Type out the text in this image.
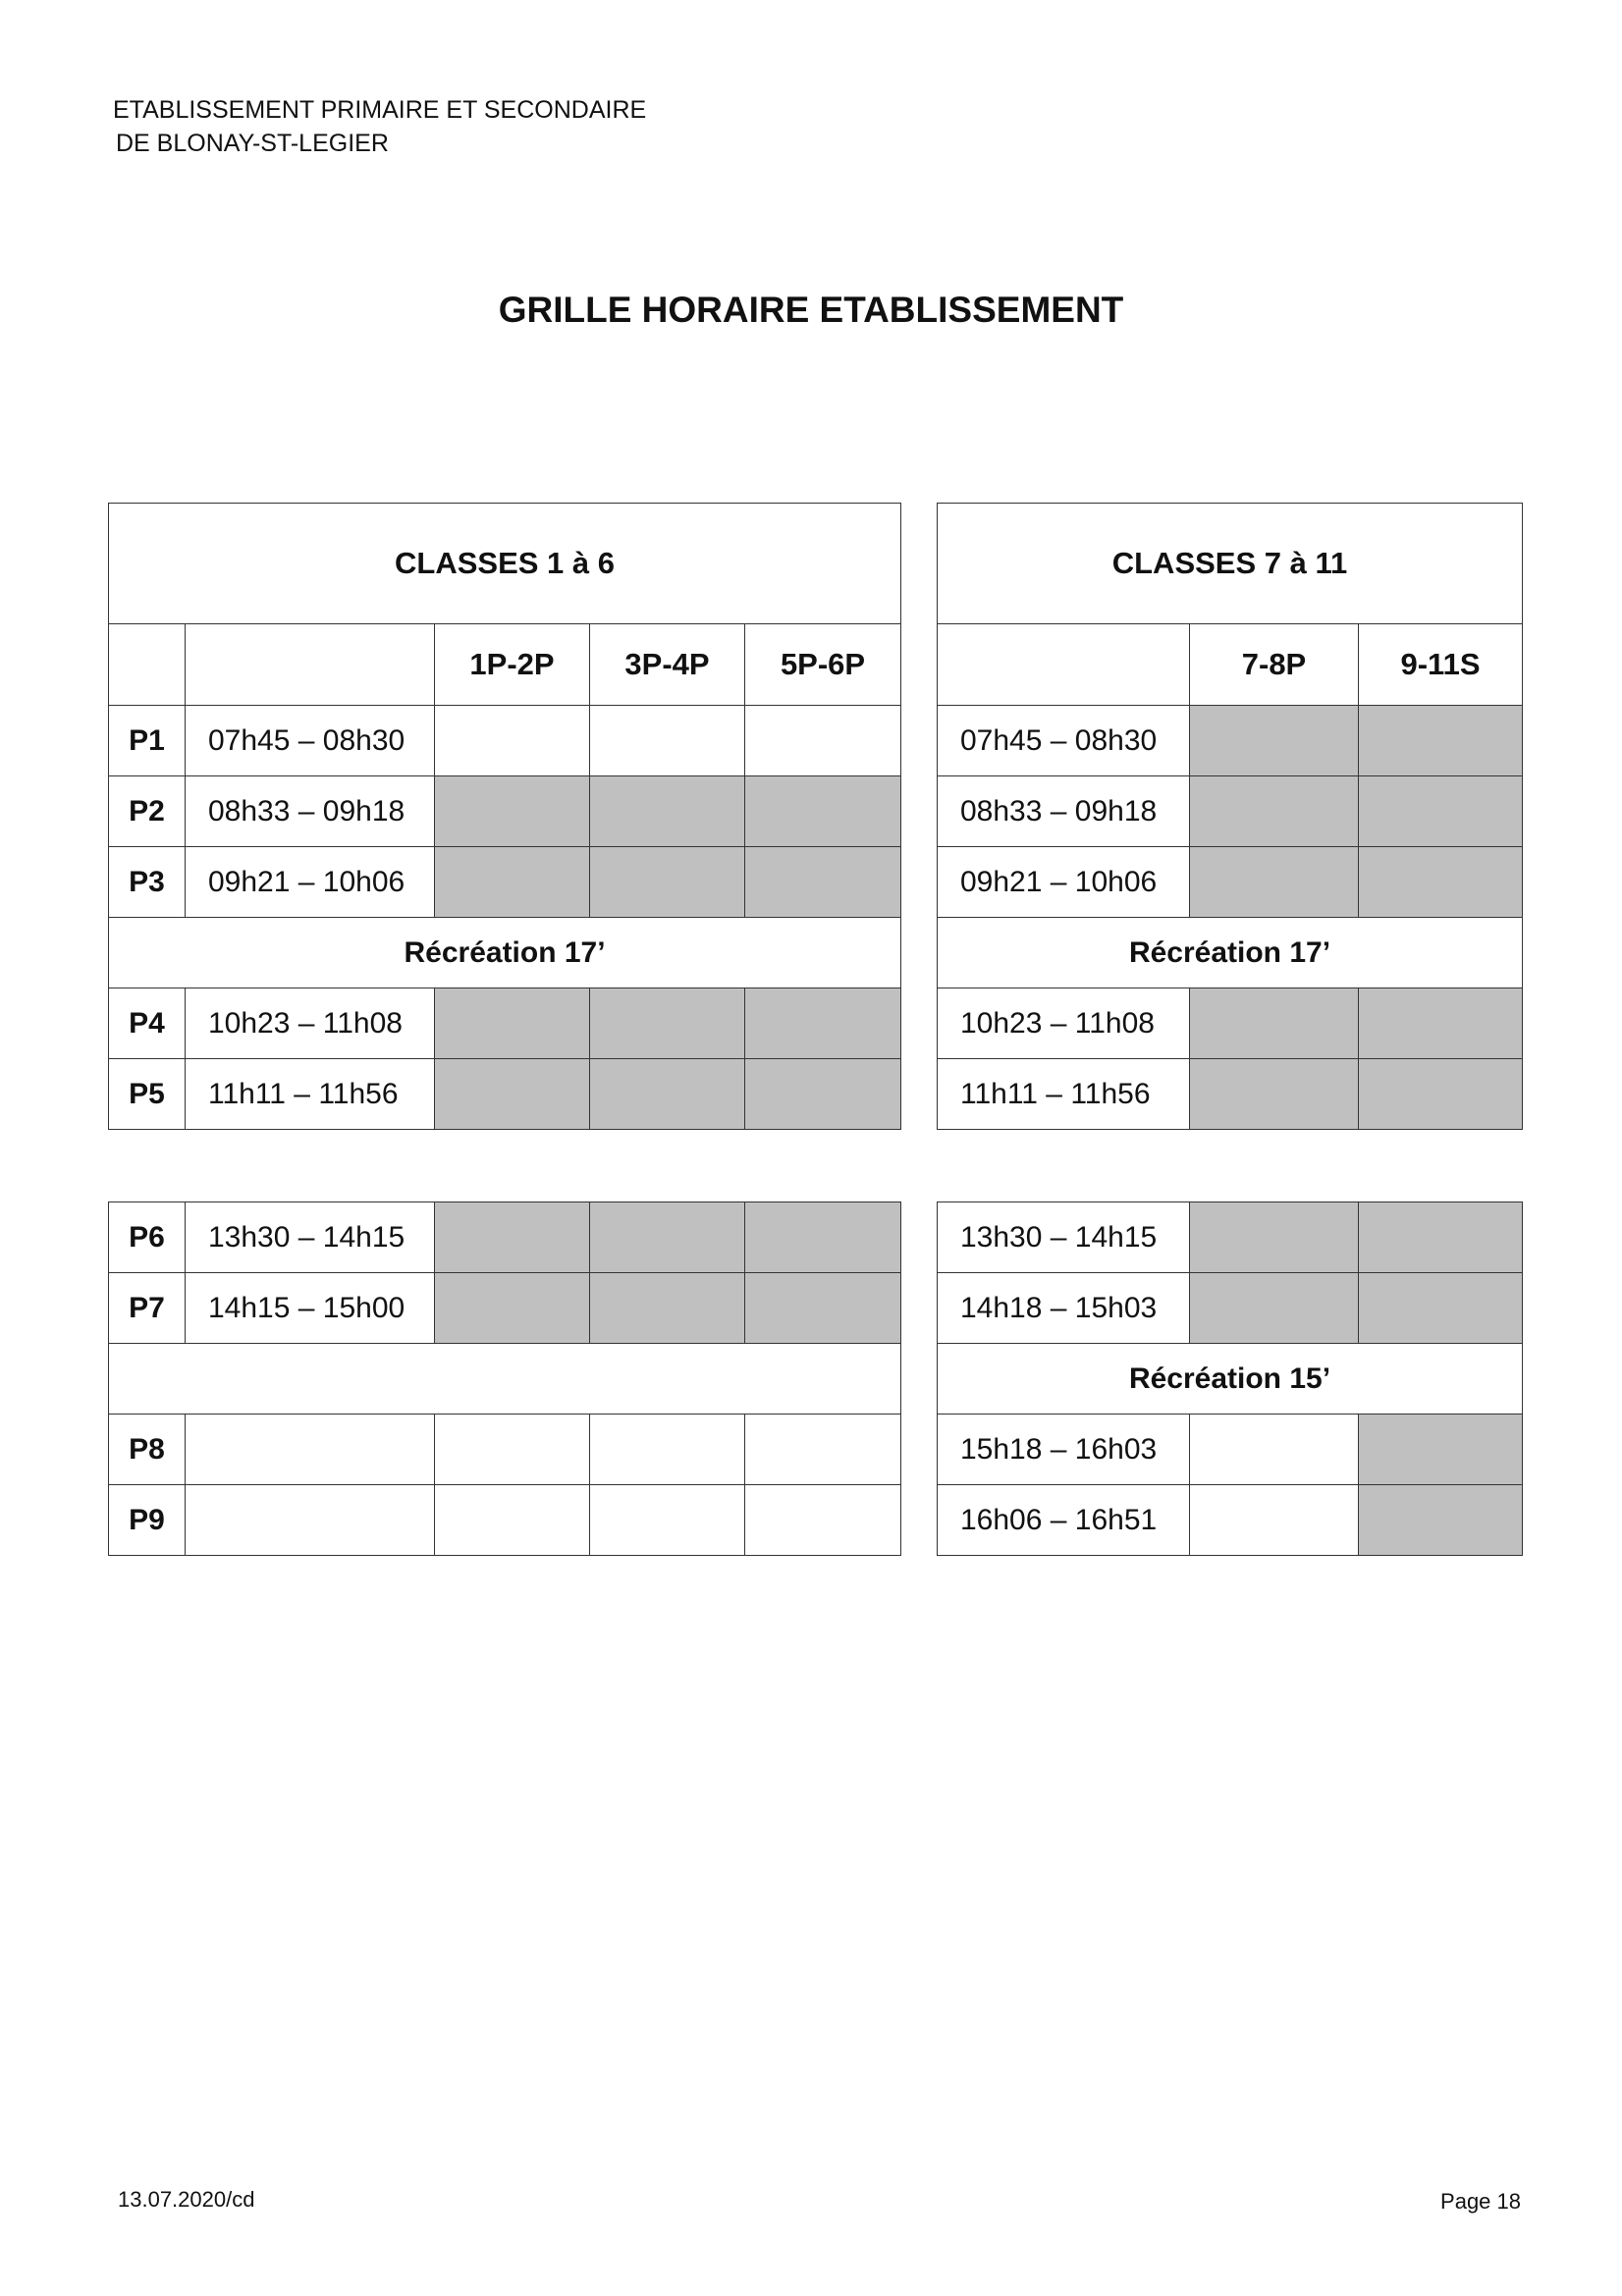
ETABLISSEMENT PRIMAIRE ET SECONDAIRE
DE BLONAY-ST-LEGIER
GRILLE HORAIRE ETABLISSEMENT
CLASSES 1 à 6				
		1P-2P	3P-4P	5P-6P
P1	07h45 – 08h30			
P2	08h33 – 09h18			
P3	09h21 – 10h06			
Récréation 17’				
P4	10h23 – 11h08			
P5	11h11 – 11h56			
CLASSES 7 à 11		
	7-8P	9-11S
07h45 – 08h30		
08h33 – 09h18		
09h21 – 10h06		
Récréation 17’		
10h23 – 11h08		
11h11 – 11h56		
P6	13h30 – 14h15			
P7	14h15 – 15h00			

P8				
P9				
13h30 – 14h15		
14h18 – 15h03		
Récréation 15’		
15h18 – 16h03		
16h06 – 16h51		
13.07.2020/cd	Page 18
